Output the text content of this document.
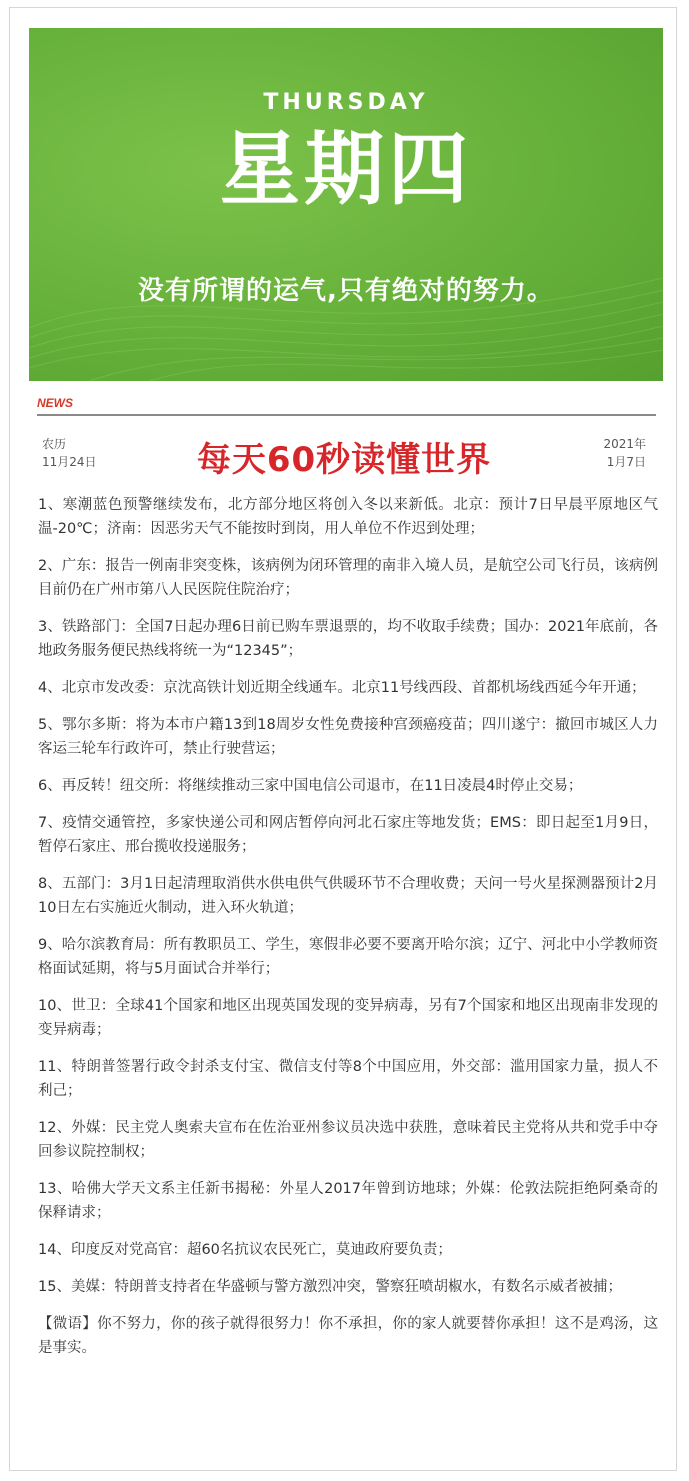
THURSDAY
星期四
没有所谓的运气,只有绝对的努力。
NEWS
农历
11月24日	每天60秒读懂世界	2021年
1月7日
1、寒潮蓝色预警继续发布，北方部分地区将创入冬以来新低。北京：预计7日早晨平原地区气温-20℃；济南：因恶劣天气不能按时到岗，用人单位不作迟到处理；
2、广东：报告一例南非突变株，该病例为闭环管理的南非入境人员，是航空公司飞行员，该病例目前仍在广州市第八人民医院住院治疗；
3、铁路部门：全国7日起办理6日前已购车票退票的，均不收取手续费；国办：2021年底前，各地政务服务便民热线将统一为“12345”；
4、北京市发改委：京沈高铁计划近期全线通车。北京11号线西段、首都机场线西延今年开通；
5、鄂尔多斯：将为本市户籍13到18周岁女性免费接种宫颈癌疫苗；四川遂宁：撤回市城区人力客运三轮车行政许可，禁止行驶营运；
6、再反转！纽交所：将继续推动三家中国电信公司退市，在11日凌晨4时停止交易；
7、疫情交通管控，多家快递公司和网店暂停向河北石家庄等地发货；EMS：即日起至1月9日，暂停石家庄、邢台揽收投递服务；
8、五部门：3月1日起清理取消供水供电供气供暖环节不合理收费；天问一号火星探测器预计2月10日左右实施近火制动，进入环火轨道；
9、哈尔滨教育局：所有教职员工、学生，寒假非必要不要离开哈尔滨；辽宁、河北中小学教师资格面试延期，将与5月面试合并举行；
10、世卫：全球41个国家和地区出现英国发现的变异病毒，另有7个国家和地区出现南非发现的变异病毒；
11、特朗普签署行政令封杀支付宝、微信支付等8个中国应用，外交部：滥用国家力量，损人不利己；
12、外媒：民主党人奥索夫宣布在佐治亚州参议员决选中获胜，意味着民主党将从共和党手中夺回参议院控制权；
13、哈佛大学天文系主任新书揭秘：外星人2017年曾到访地球；外媒：伦敦法院拒绝阿桑奇的保释请求；
14、印度反对党高官：超60名抗议农民死亡，莫迪政府要负责；
15、美媒：特朗普支持者在华盛顿与警方激烈冲突，警察狂喷胡椒水，有数名示威者被捕；
【微语】你不努力，你的孩子就得很努力！你不承担，你的家人就要替你承担！这不是鸡汤，这是事实。
